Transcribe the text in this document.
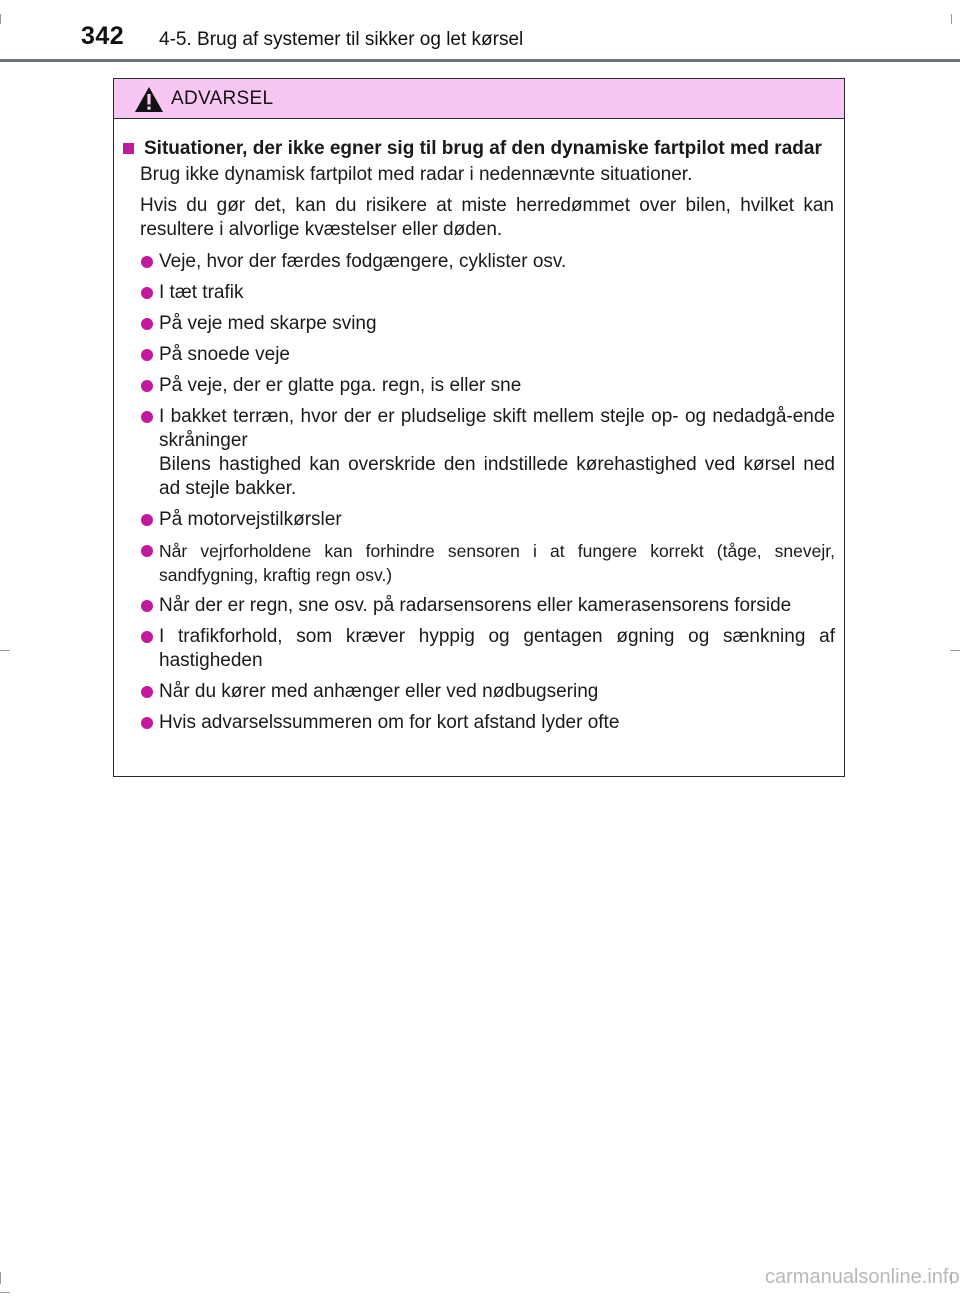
342 4-5. Brug af systemer til sikker og let kørsel
ADVARSEL
Situationer, der ikke egner sig til brug af den dynamiske fartpilot med radar

Brug ikke dynamisk fartpilot med radar i nedennævnte situationer.

Hvis du gør det, kan du risikere at miste herredømmet over bilen, hvilket kan resultere i alvorlige kvæstelser eller døden.

Veje, hvor der færdes fodgængere, cyklister osv.
I tæt trafik
På veje med skarpe sving
På snoede veje
På veje, der er glatte pga. regn, is eller sne
I bakket terræn, hvor der er pludselige skift mellem stejle op- og nedadgå-ende skråninger
Bilens hastighed kan overskride den indstillede kørehastighed ved kørsel ned ad stejle bakker.
På motorvejstilkørsler
Når vejrforholdene kan forhindre sensoren i at fungere korrekt (tåge, snevejr, sandfygning, kraftig regn osv.)
Når der er regn, sne osv. på radarsensorens eller kamerasensorens forside
I trafikforhold, som kræver hyppig og gentagen øgning og sænkning af hastigheden
Når du kører med anhænger eller ved nødbugsering
Hvis advarselssummeren om for kort afstand lyder ofte
carmanualsonline.info
